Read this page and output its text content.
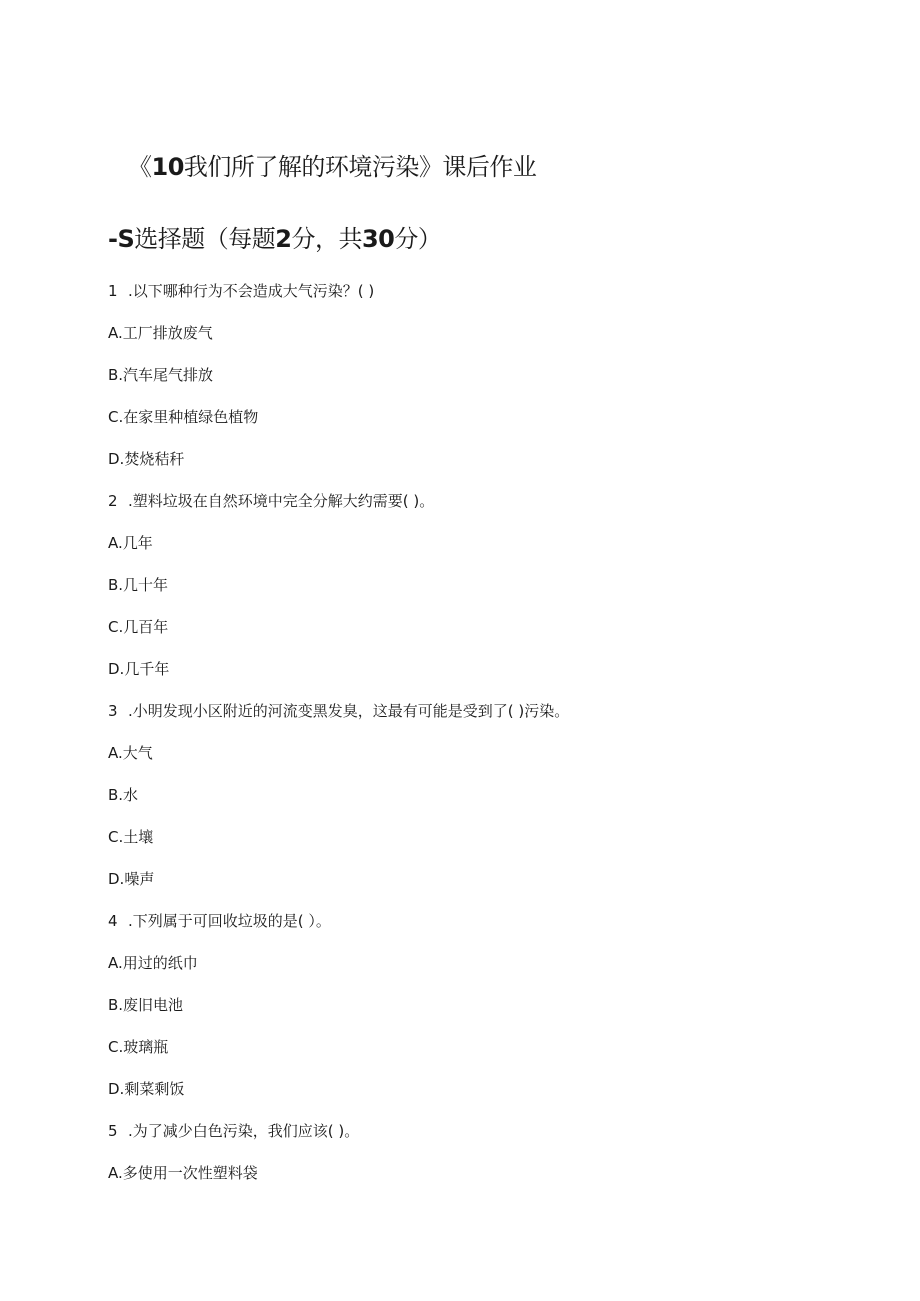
《10我们所了解的环境污染》课后作业
-S选择题（每题2分，共30分）
1 .以下哪种行为不会造成大气污染？( )
A.工厂排放废气
B.汽车尾气排放
C.在家里种植绿色植物
D.焚烧秸秆
2 .塑料垃圾在自然环境中完全分解大约需要( )。
A.几年
B.几十年
C.几百年
D.几千年
3 .小明发现小区附近的河流变黑发臭，这最有可能是受到了( )污染。
A.大气
B.水
C.土壤
D.噪声
4 .下列属于可回收垃圾的是( ）。
A.用过的纸巾
B.废旧电池
C.玻璃瓶
D.剩菜剩饭
5 .为了减少白色污染，我们应该( )。
A.多使用一次性塑料袋
